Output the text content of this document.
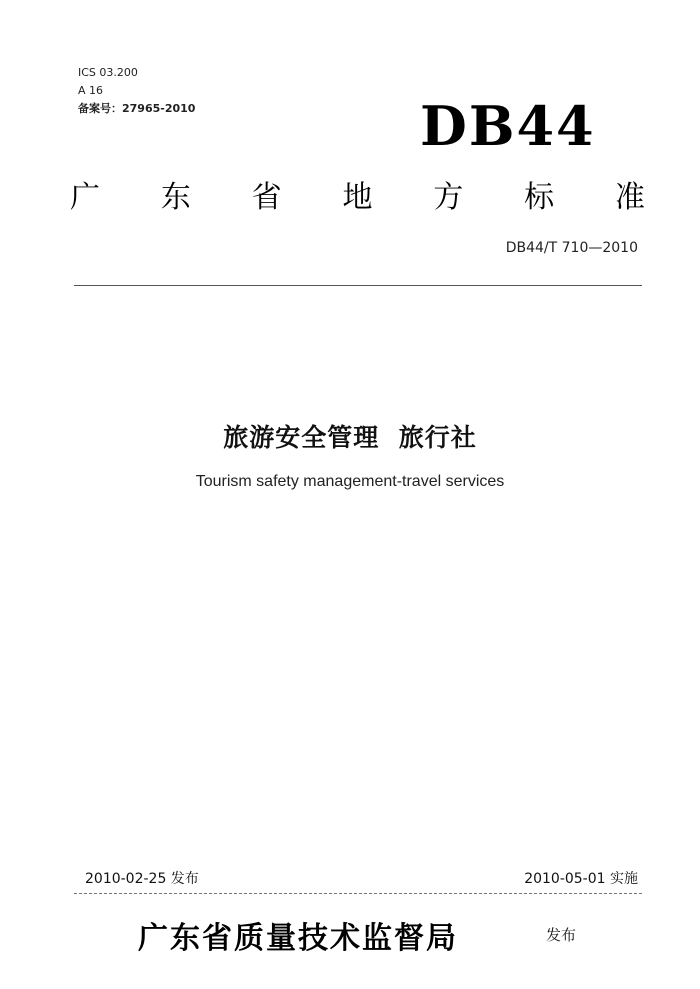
ICS 03.200
A 16
备案号：27965-2010	DB44
广 东 省 地 方 标 准
DB44/T 710—2010
旅游安全管理  旅行社
Tourism safety management-travel services
2010-02-25 发布	2010-05-01 实施
广东省质量技术监督局	发布
